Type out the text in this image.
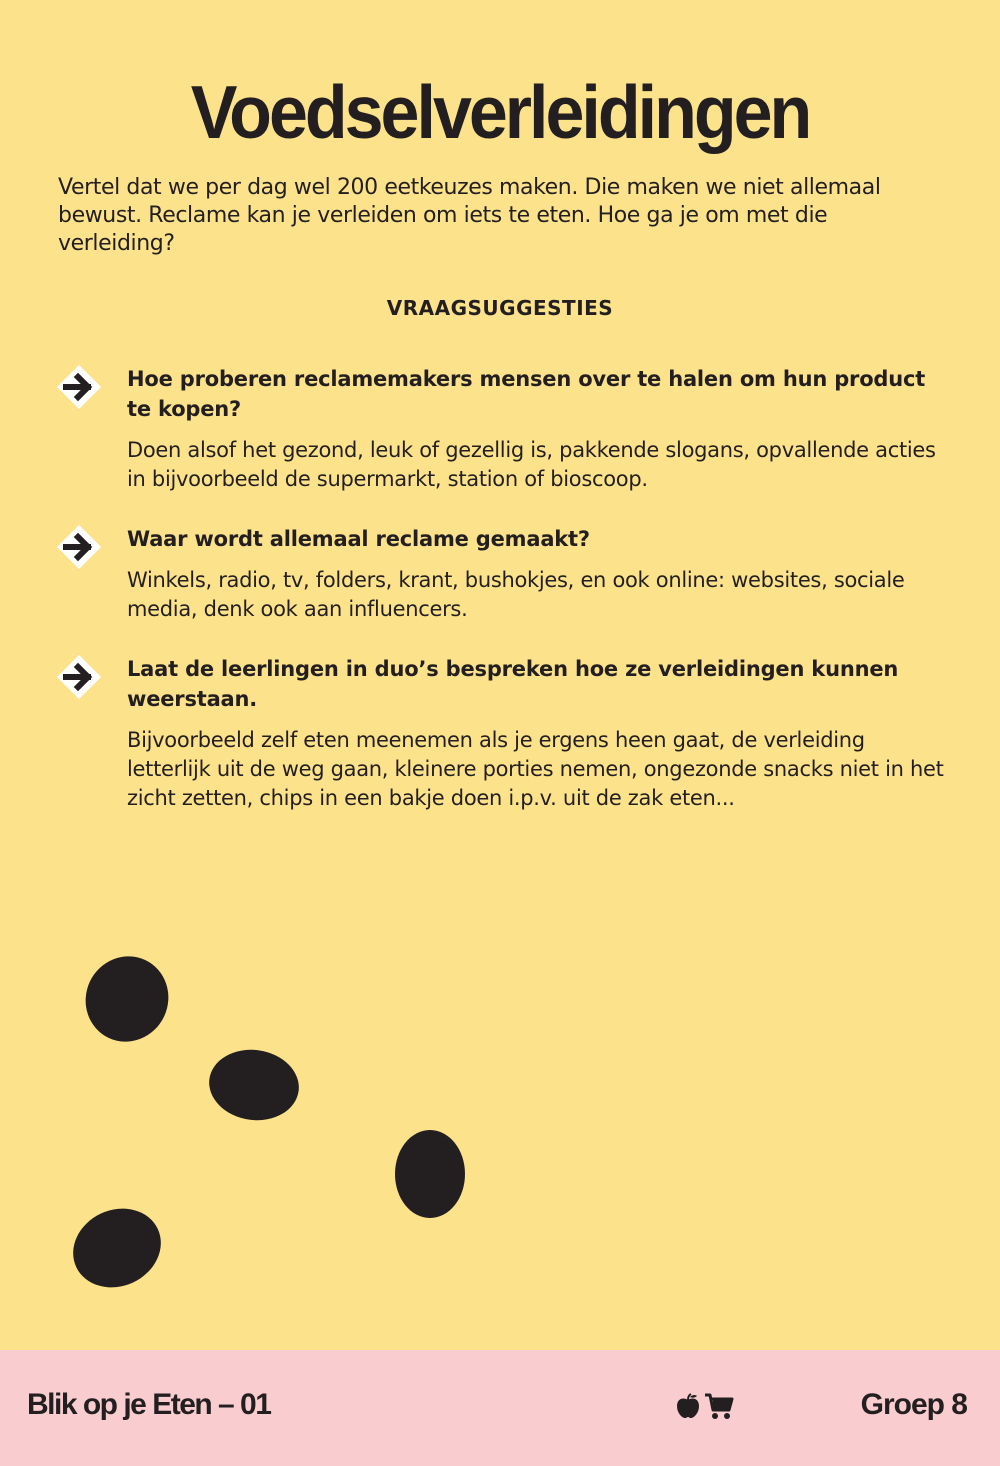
Voedselverleidingen
Vertel dat we per dag wel 200 eetkeuzes maken. Die maken we niet allemaal bewust. Reclame kan je verleiden om iets te eten. Hoe ga je om met die verleiding?
VRAAGSUGGESTIES
Hoe proberen reclamemakers mensen over te halen om hun product te kopen?
Doen alsof het gezond, leuk of gezellig is, pakkende slogans, opvallende acties in bijvoorbeeld de supermarkt, station of bioscoop.
Waar wordt allemaal reclame gemaakt?
Winkels, radio, tv, folders, krant, bushokjes, en ook online: websites, sociale media, denk ook aan influencers.
Laat de leerlingen in duo’s bespreken hoe ze verleidingen kunnen weerstaan.
Bijvoorbeeld zelf eten meenemen als je ergens heen gaat, de verleiding letterlijk uit de weg gaan, kleinere porties nemen, ongezonde snacks niet in het zicht zetten, chips in een bakje doen i.p.v. uit de zak eten...
Blik op je Eten – 01	Groep 8
